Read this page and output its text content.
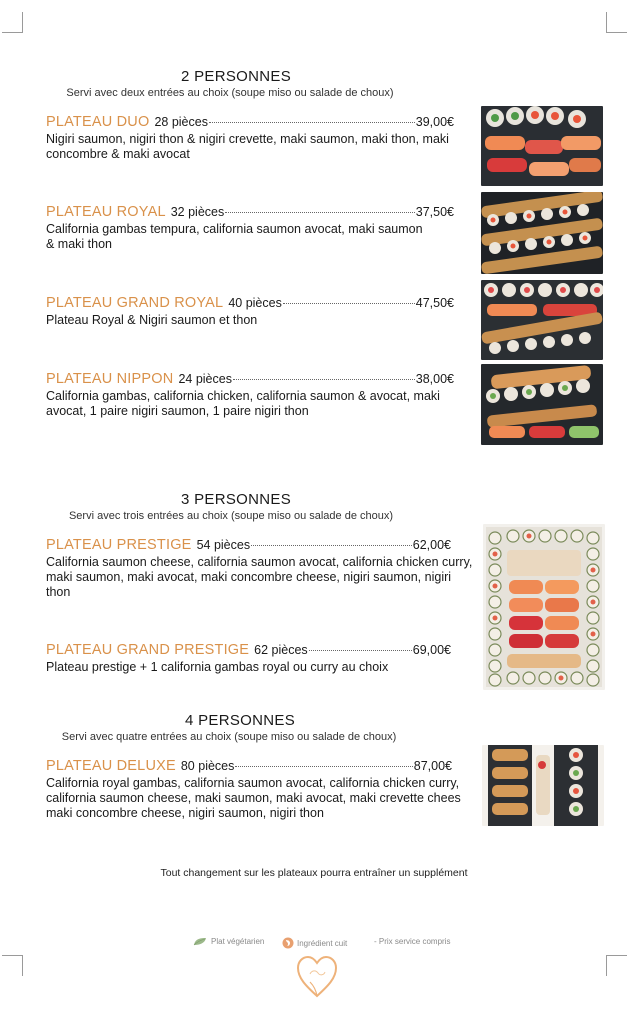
2 PERSONNES
Servi avec deux entrées au choix (soupe miso ou salade de choux)
PLATEAU DUO 28 pièces	39,00€
Nigiri saumon, nigiri thon & nigiri crevette, maki saumon, maki thon, maki concombre & maki avocat
PLATEAU ROYAL 32 pièces	37,50€
California gambas tempura, california saumon avocat, maki saumon & maki thon
PLATEAU GRAND ROYAL 40 pièces	47,50€
Plateau Royal & Nigiri saumon et thon
PLATEAU NIPPON 24 pièces	38,00€
California gambas, california chicken, california saumon & avocat, maki avocat, 1 paire nigiri saumon, 1 paire nigiri thon
3 PERSONNES
Servi avec trois entrées au choix (soupe miso ou salade de choux)
PLATEAU PRESTIGE 54 pièces	62,00€
California saumon cheese, california saumon avocat, california chicken curry, maki saumon, maki avocat, maki concombre cheese, nigiri saumon, nigiri thon
PLATEAU GRAND PRESTIGE 62 pièces	69,00€
Plateau prestige + 1 california gambas royal ou curry au choix
4 PERSONNES
Servi avec quatre entrées au choix (soupe miso ou salade de choux)
PLATEAU DELUXE 80 pièces	87,00€
California royal gambas, california saumon avocat, california chicken curry, california saumon cheese, maki saumon, maki avocat, maki crevette chees maki concombre cheese, nigiri saumon, nigiri thon
Tout changement sur les plateaux pourra entraîner un supplément
Plat végétarien	Ingrédient cuit	- Prix service compris
